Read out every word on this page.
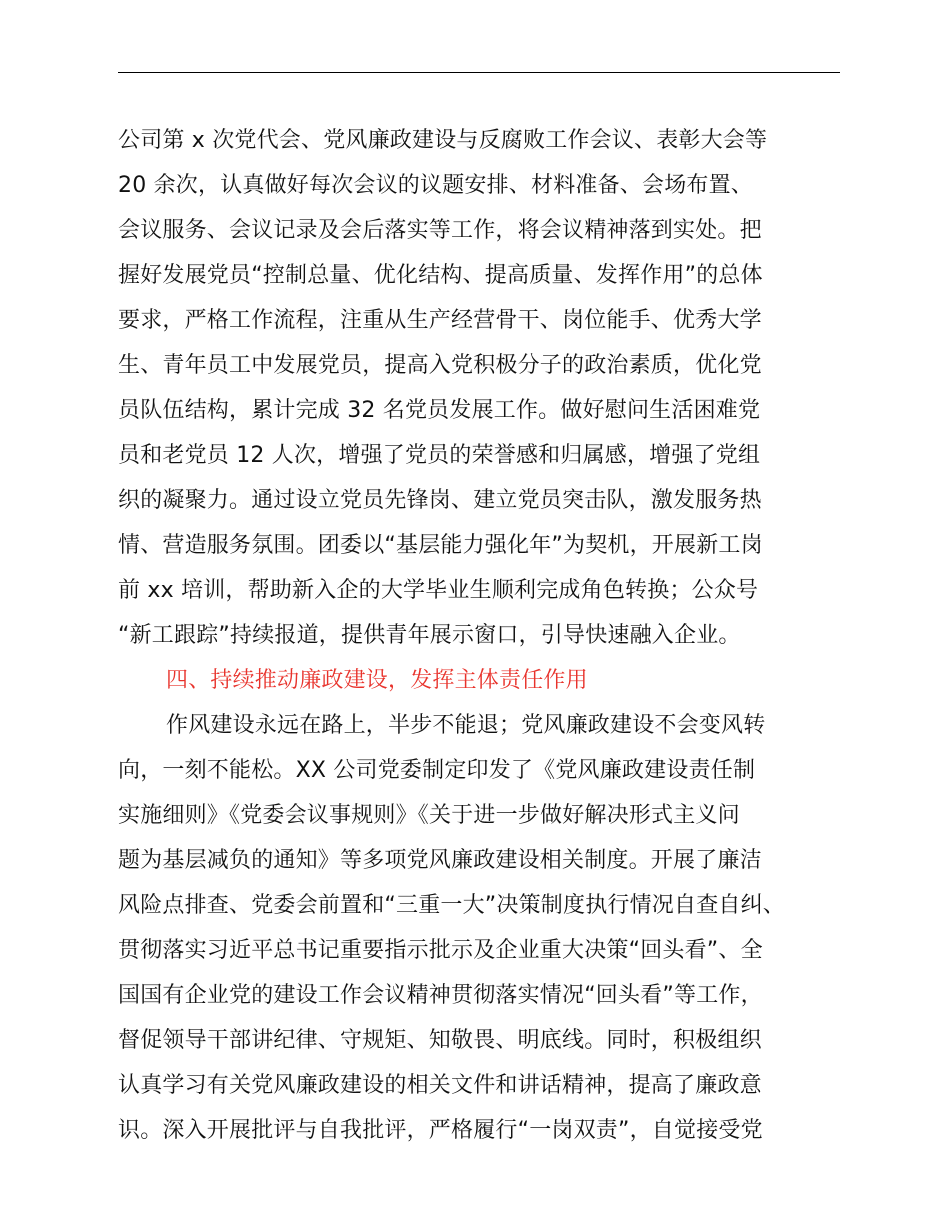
公司第 x 次党代会、党风廉政建设与反腐败工作会议、表彰大会等
20 余次，认真做好每次会议的议题安排、材料准备、会场布置、
会议服务、会议记录及会后落实等工作，将会议精神落到实处。把
握好发展党员“控制总量、优化结构、提高质量、发挥作用”的总体
要求，严格工作流程，注重从生产经营骨干、岗位能手、优秀大学
生、青年员工中发展党员，提高入党积极分子的政治素质，优化党
员队伍结构，累计完成 32 名党员发展工作。做好慰问生活困难党
员和老党员 12 人次，增强了党员的荣誉感和归属感，增强了党组
织的凝聚力。通过设立党员先锋岗、建立党员突击队，激发服务热
情、营造服务氛围。团委以“基层能力强化年”为契机，开展新工岗
前 xx 培训，帮助新入企的大学毕业生顺利完成角色转换；公众号
“新工跟踪”持续报道，提供青年展示窗口，引导快速融入企业。
四、持续推动廉政建设，发挥主体责任作用
作风建设永远在路上，半步不能退；党风廉政建设不会变风转
向，一刻不能松。XX 公司党委制定印发了《党风廉政建设责任制
实施细则》《党委会议事规则》《关于进一步做好解决形式主义问
题为基层减负的通知》等多项党风廉政建设相关制度。开展了廉洁
风险点排查、党委会前置和“三重一大”决策制度执行情况自查自纠、
贯彻落实习近平总书记重要指示批示及企业重大决策“回头看”、全
国国有企业党的建设工作会议精神贯彻落实情况“回头看”等工作，
督促领导干部讲纪律、守规矩、知敬畏、明底线。同时，积极组织
认真学习有关党风廉政建设的相关文件和讲话精神，提高了廉政意
识。深入开展批评与自我批评，严格履行“一岗双责”，自觉接受党
